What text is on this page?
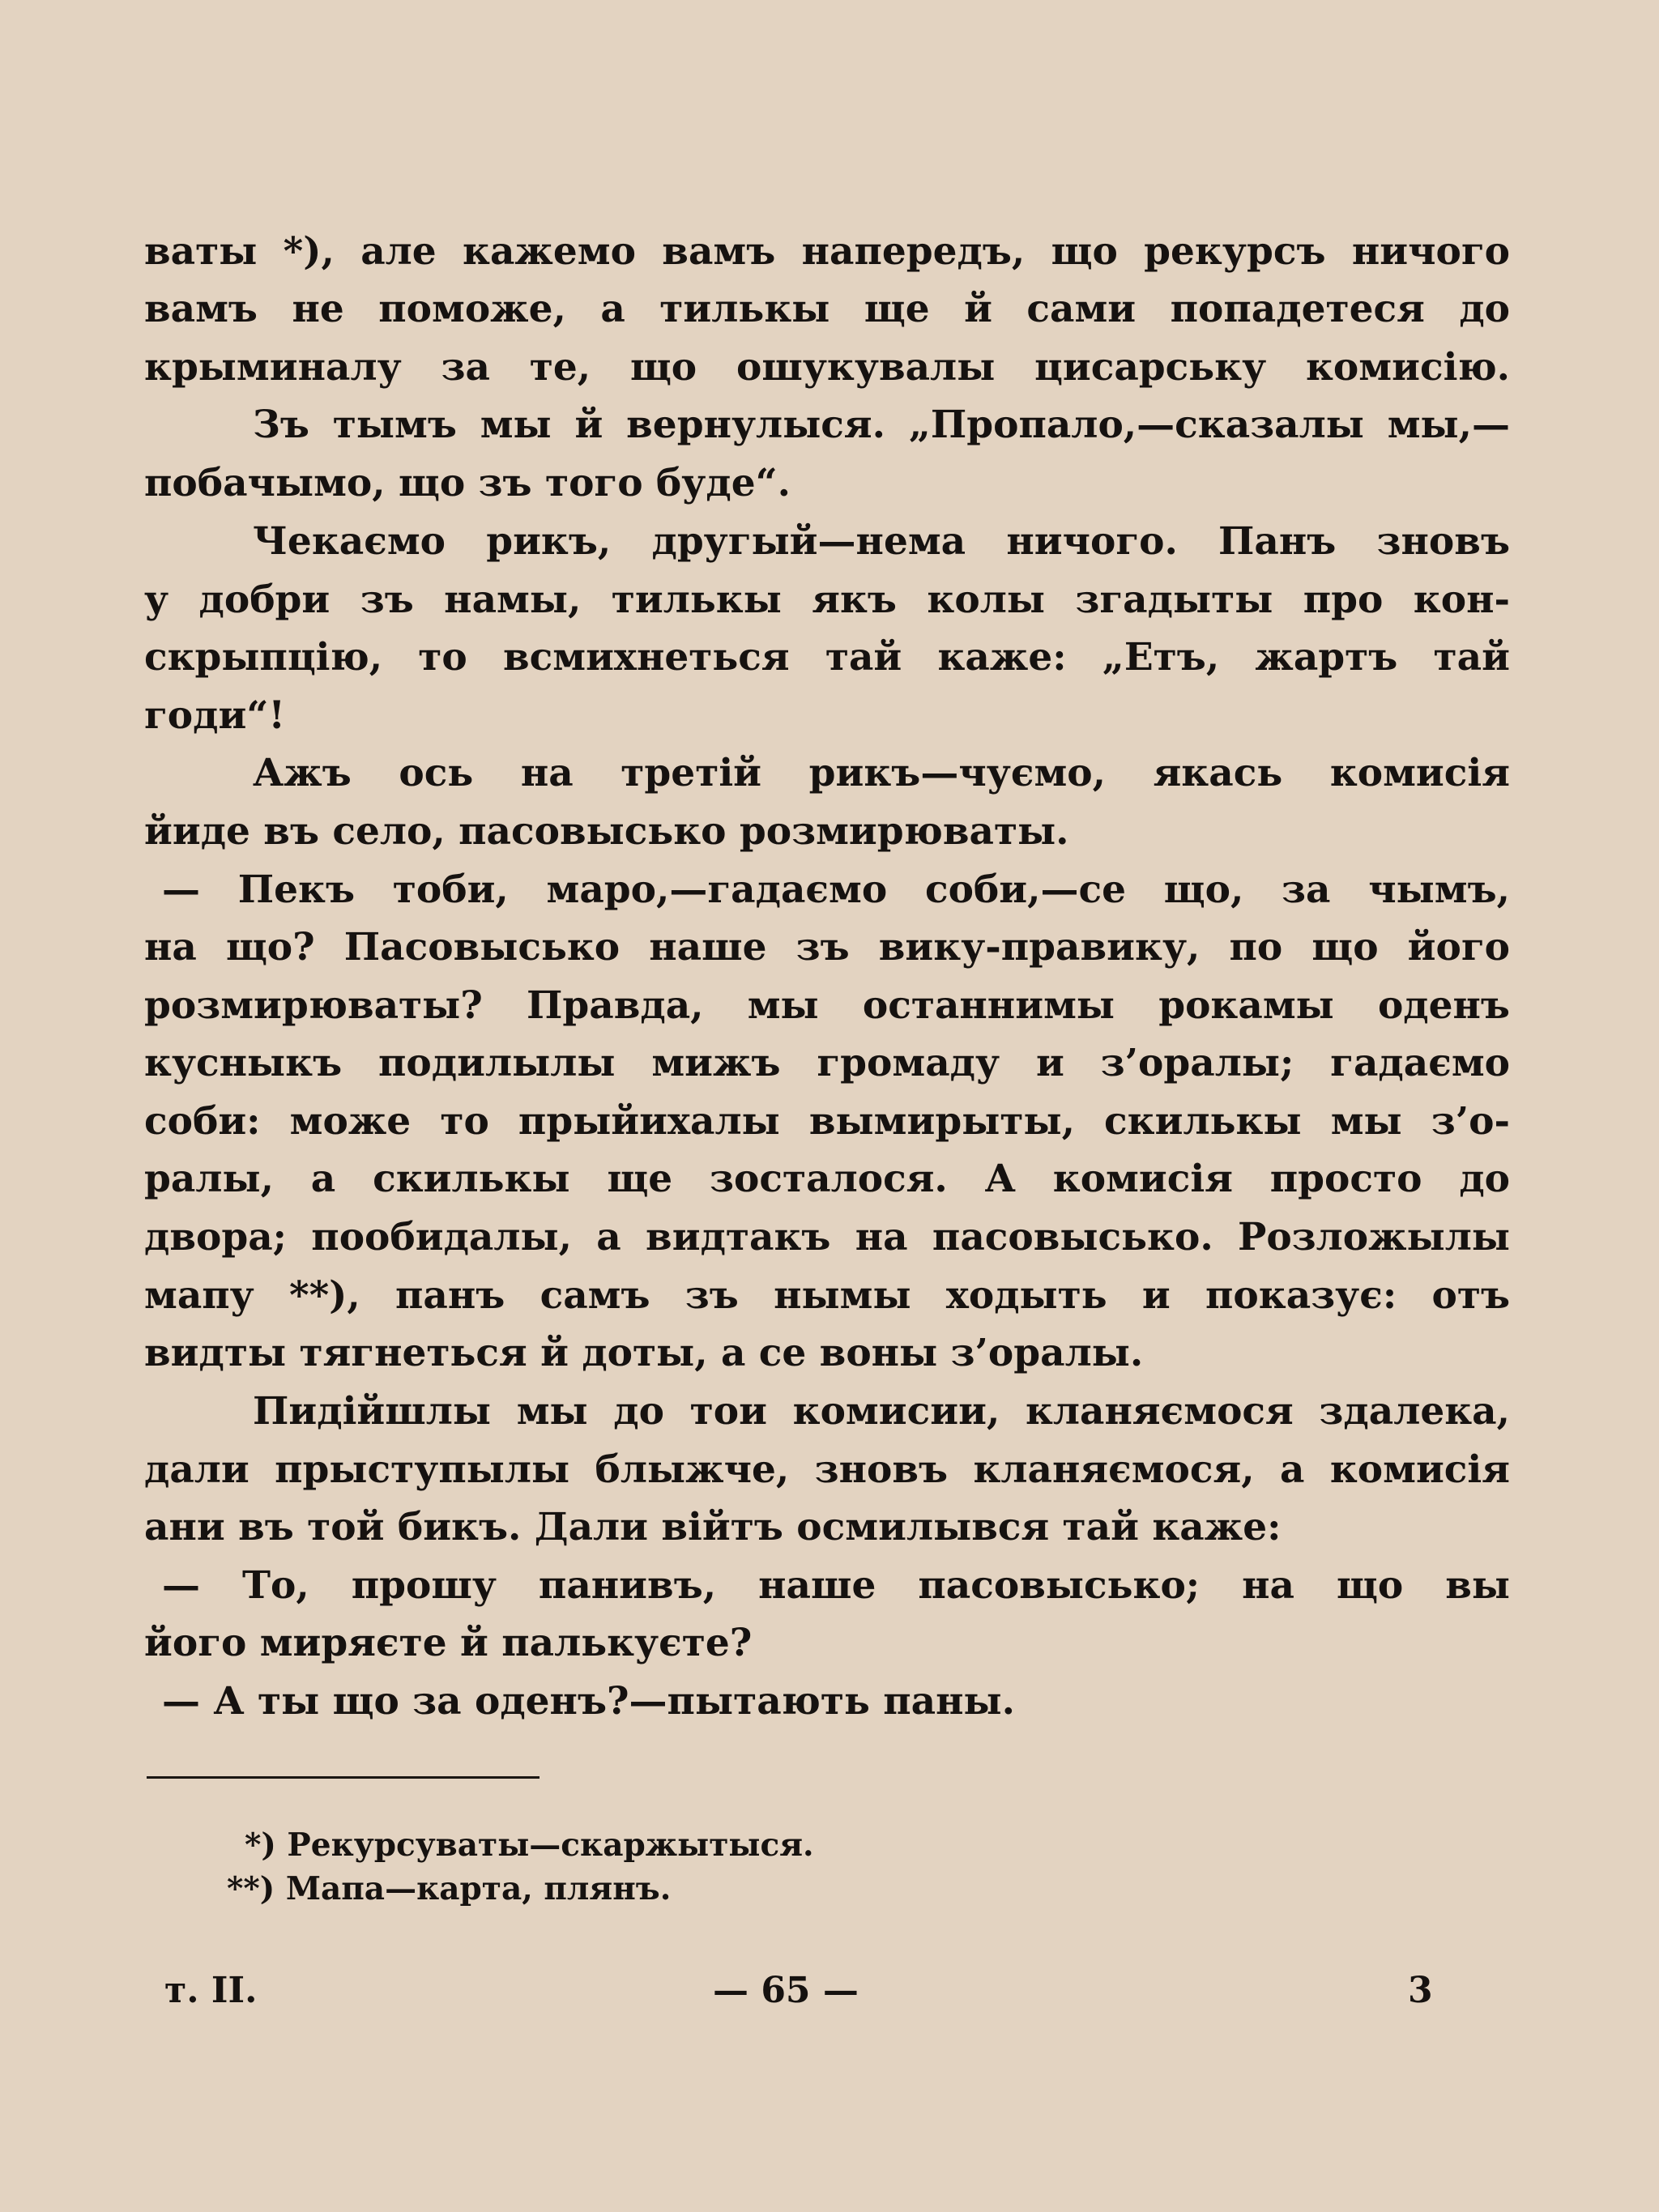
ваты *), але кажемо вамъ напередъ, що рекурсъ ничого
вамъ не поможе, а тилькы ще й сами попадетеся до
крыминалу за те, що ошукувалы цисарську комисію.
Зъ тымъ мы й вернулыся. „Пропало,—сказалы мы,—
побачымо, що зъ того буде“.
Чекаємо рикъ, другый—нема ничого. Панъ зновъ
у добри зъ намы, тилькы якъ колы згадыты про кон-
скрыпцію, то всмихнеться тай каже: „Етъ, жартъ тай
годи“!
Ажъ ось на третій рикъ—чуємо, якась комисія
йиде въ село, пасовысько розмирюваты.
— Пекъ тоби, маро,—гадаємо соби,—се що, за чымъ,
на що? Пасовысько наше зъ вику-правику, по що його
розмирюваты? Правда, мы останнимы рокамы оденъ
кусныкъ подилылы мижъ громаду и з’оралы; гадаємо
соби: може то прыйихалы вымирыты, скилькы мы з’о-
ралы, а скилькы ще зосталося. А комисія просто до
двора; пообидалы, а видтакъ на пасовысько. Розложылы
мапу **), панъ самъ зъ нымы ходыть и показує: отъ
видты тягнеться й доты, а се воны з’оралы.
Пидійшлы мы до тои комисии, кланяємося здалека,
дали прыступылы блыжче, зновъ кланяємося, а комисія
ани въ той бикъ. Дали війтъ осмилывся тай каже:
— То, прошу панивъ, наше пасовысько; на що вы
його миряєте й палькуєте?
— А ты що за оденъ?—пытають паны.
*) Рекурсуваты—скаржытыся.
**) Мапа—карта, плянъ.
т. II.	— 65 —	3
